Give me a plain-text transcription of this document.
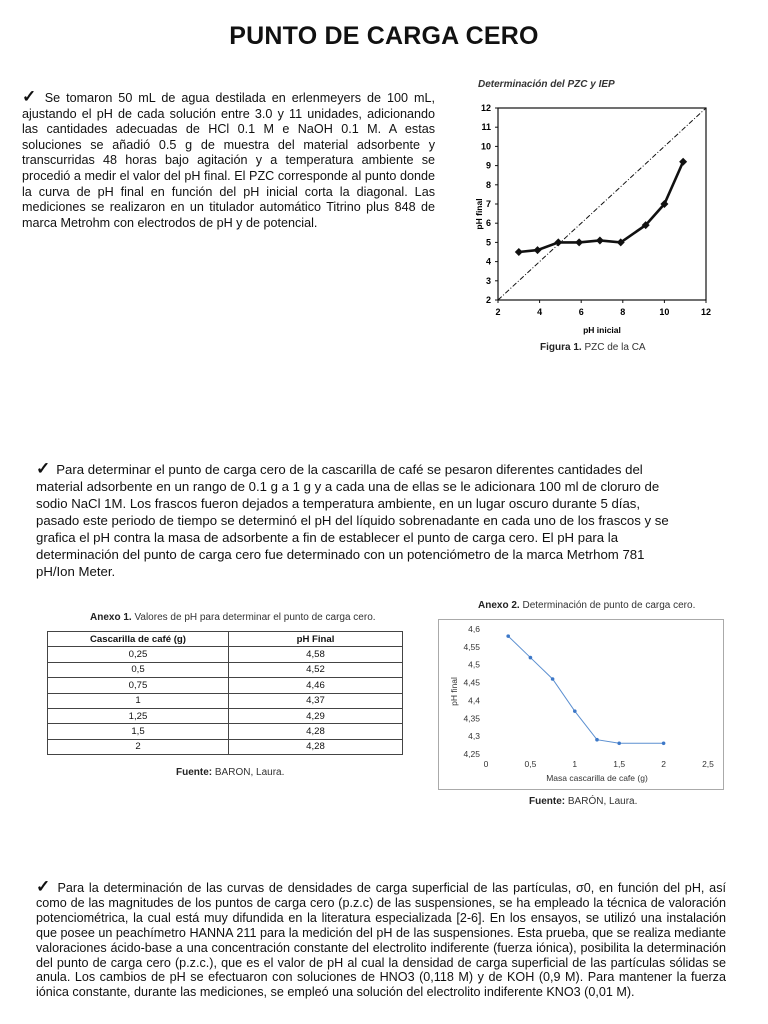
PUNTO DE CARGA CERO
✓ Se tomaron 50 mL de agua destilada en erlenmeyers de 100 mL, ajustando el pH de cada solución entre 3.0 y 11 unidades, adicionando las cantidades adecuadas de HCl 0.1 M e NaOH 0.1 M. A estas soluciones se añadió 0.5 g de muestra del material adsorbente y transcurridas 48 horas bajo agitación y a temperatura ambiente se procedió a medir el valor del pH final. El PZC corresponde al punto donde la curva de pH final en función del pH inicial corta la diagonal. Las mediciones se realizaron en un titulador automático Titrino plus 848 de marca Metrohm con electrodos de pH y de potencial.
Determinación del PZC y IEP
2	4	6	8	10	12
2
3
4
5
6
7
8
9
10
11
12
pH inicial
pH final
Figura 1. PZC de la CA
✓ Para determinar el punto de carga cero de la cascarilla de café se pesaron diferentes cantidades del material adsorbente en un rango de 0.1 g a 1 g y a cada una de ellas se le adicionara 100 ml de cloruro de sodio NaCl 1M. Los frascos fueron dejados a temperatura ambiente, en un lugar oscuro durante 5 días, pasado este periodo de tiempo se determinó el pH del líquido sobrenadante en cada uno de los frascos y se grafica el pH contra la masa de adsorbente a fin de establecer el punto de carga cero. El pH para la determinación del punto de carga cero fue determinado con un potenciómetro de la marca Metrhom 781 pH/Ion Meter.
Anexo 1. Valores de pH para determinar el punto de carga cero.
Cascarilla de café (g)	pH Final
0,25	4,58
0,5	4,52
0,75	4,46
1	4,37
1,25	4,29
1,5	4,28
2	4,28
Fuente: BARON, Laura.
Anexo 2. Determinación de punto de carga cero.
4,25
4,3
4,35
4,4
4,45
4,5
4,55
4,6
0	0,5	1	1,5	2	2,5
Masa cascarilla de cafe (g)
pH final
Fuente: BARÓN, Laura.
✓ Para la determinación de las curvas de densidades de carga superficial de las partículas, σ0, en función del pH, así como de las magnitudes de los puntos de carga cero (p.z.c) de las suspensiones, se ha empleado la técnica de valoración potenciométrica, la cual está muy difundida en la literatura especializada [2-6]. En los ensayos, se utilizó una instalación que posee un peachímetro HANNA 211 para la medición del pH de las suspensiones. Esta prueba, que se realiza mediante valoraciones ácido-base a una concentración constante del electrolito indiferente (fuerza iónica), posibilita la determinación del punto de carga cero (p.z.c.), que es el valor de pH al cual la densidad de carga superficial de las partículas sólidas se anula. Los cambios de pH se efectuaron con soluciones de HNO3 (0,118 M) y de KOH (0,9 M). Para mantener la fuerza iónica constante, durante las mediciones, se empleó una solución del electrolito indiferente KNO3 (0,01 M).
